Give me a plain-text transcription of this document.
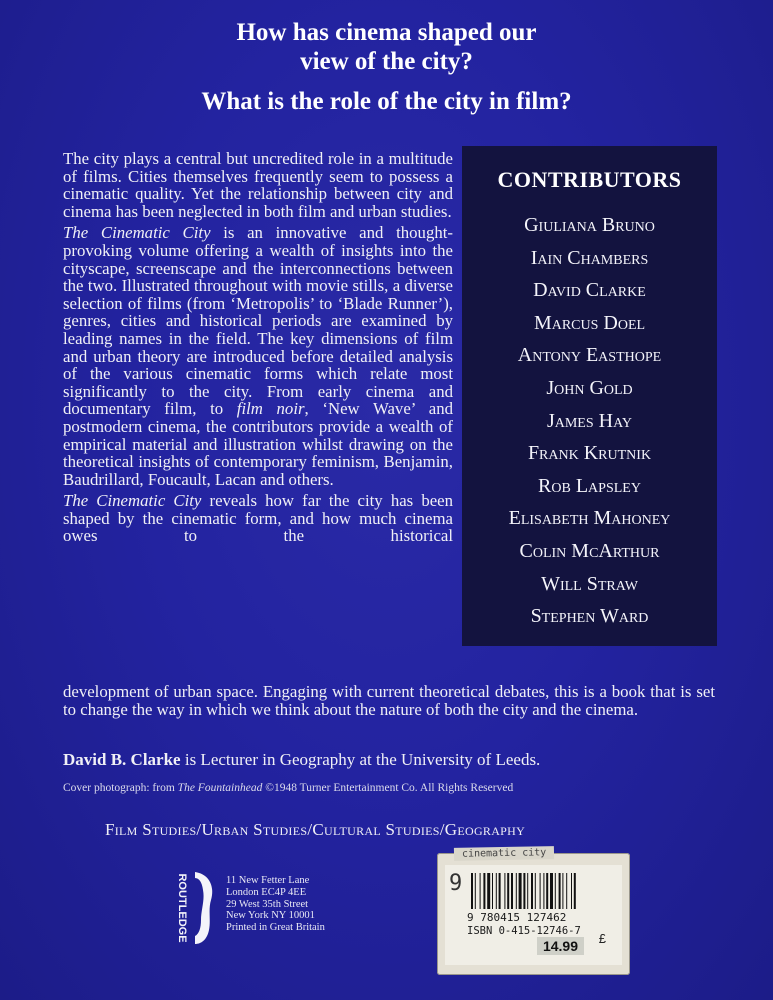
How has cinema shaped our
view of the city?
What is the role of the city in film?

The city plays a central but uncredited role in a multitude of films. Cities themselves frequently seem to possess a cinematic quality. Yet the relationship between city and cinema has been neglected in both film and urban studies.

The Cinematic City is an innovative and thought-provoking volume offering a wealth of insights into the cityscape, screenscape and the interconnections between the two. Illustrated throughout with movie stills, a diverse selection of films (from ‘Metropolis’ to ‘Blade Runner’), genres, cities and historical periods are examined by leading names in the field. The key dimensions of film and urban theory are introduced before detailed analysis of the various cinematic forms which relate most significantly to the city. From early cinema and documentary film, to film noir, ‘New Wave’ and postmodern cinema, the contributors provide a wealth of empirical material and illustration whilst drawing on the theoretical insights of contemporary feminism, Benjamin, Baudrillard, Foucault, Lacan and others.

The Cinematic City reveals how far the city has been shaped by the cinematic form, and how much cinema owes to the historical

development of urban space. Engaging with current theoretical debates, this is a book that is set to change the way in which we think about the nature of both the city and the cinema.
CONTRIBUTORS
Giuliana Bruno
Iain Chambers
David Clarke
Marcus Doel
Antony Easthope
John Gold
James Hay
Frank Krutnik
Rob Lapsley
Elisabeth Mahoney
Colin McArthur
Will Straw
Stephen Ward
David B. Clarke is Lecturer in Geography at the University of Leeds.
Cover photograph: from The Fountainhead ©1948 Turner Entertainment Co. All Rights Reserved
Film Studies/Urban Studies/Cultural Studies/Geography
ROUTLEDGE	11 New Fetter Lane
London EC4P 4EE
29 West 35th Street
New York NY 10001
Printed in Great Britain
cinematic city
9
9 780415 127462
ISBN 0-415-12746-7
14.99	£
